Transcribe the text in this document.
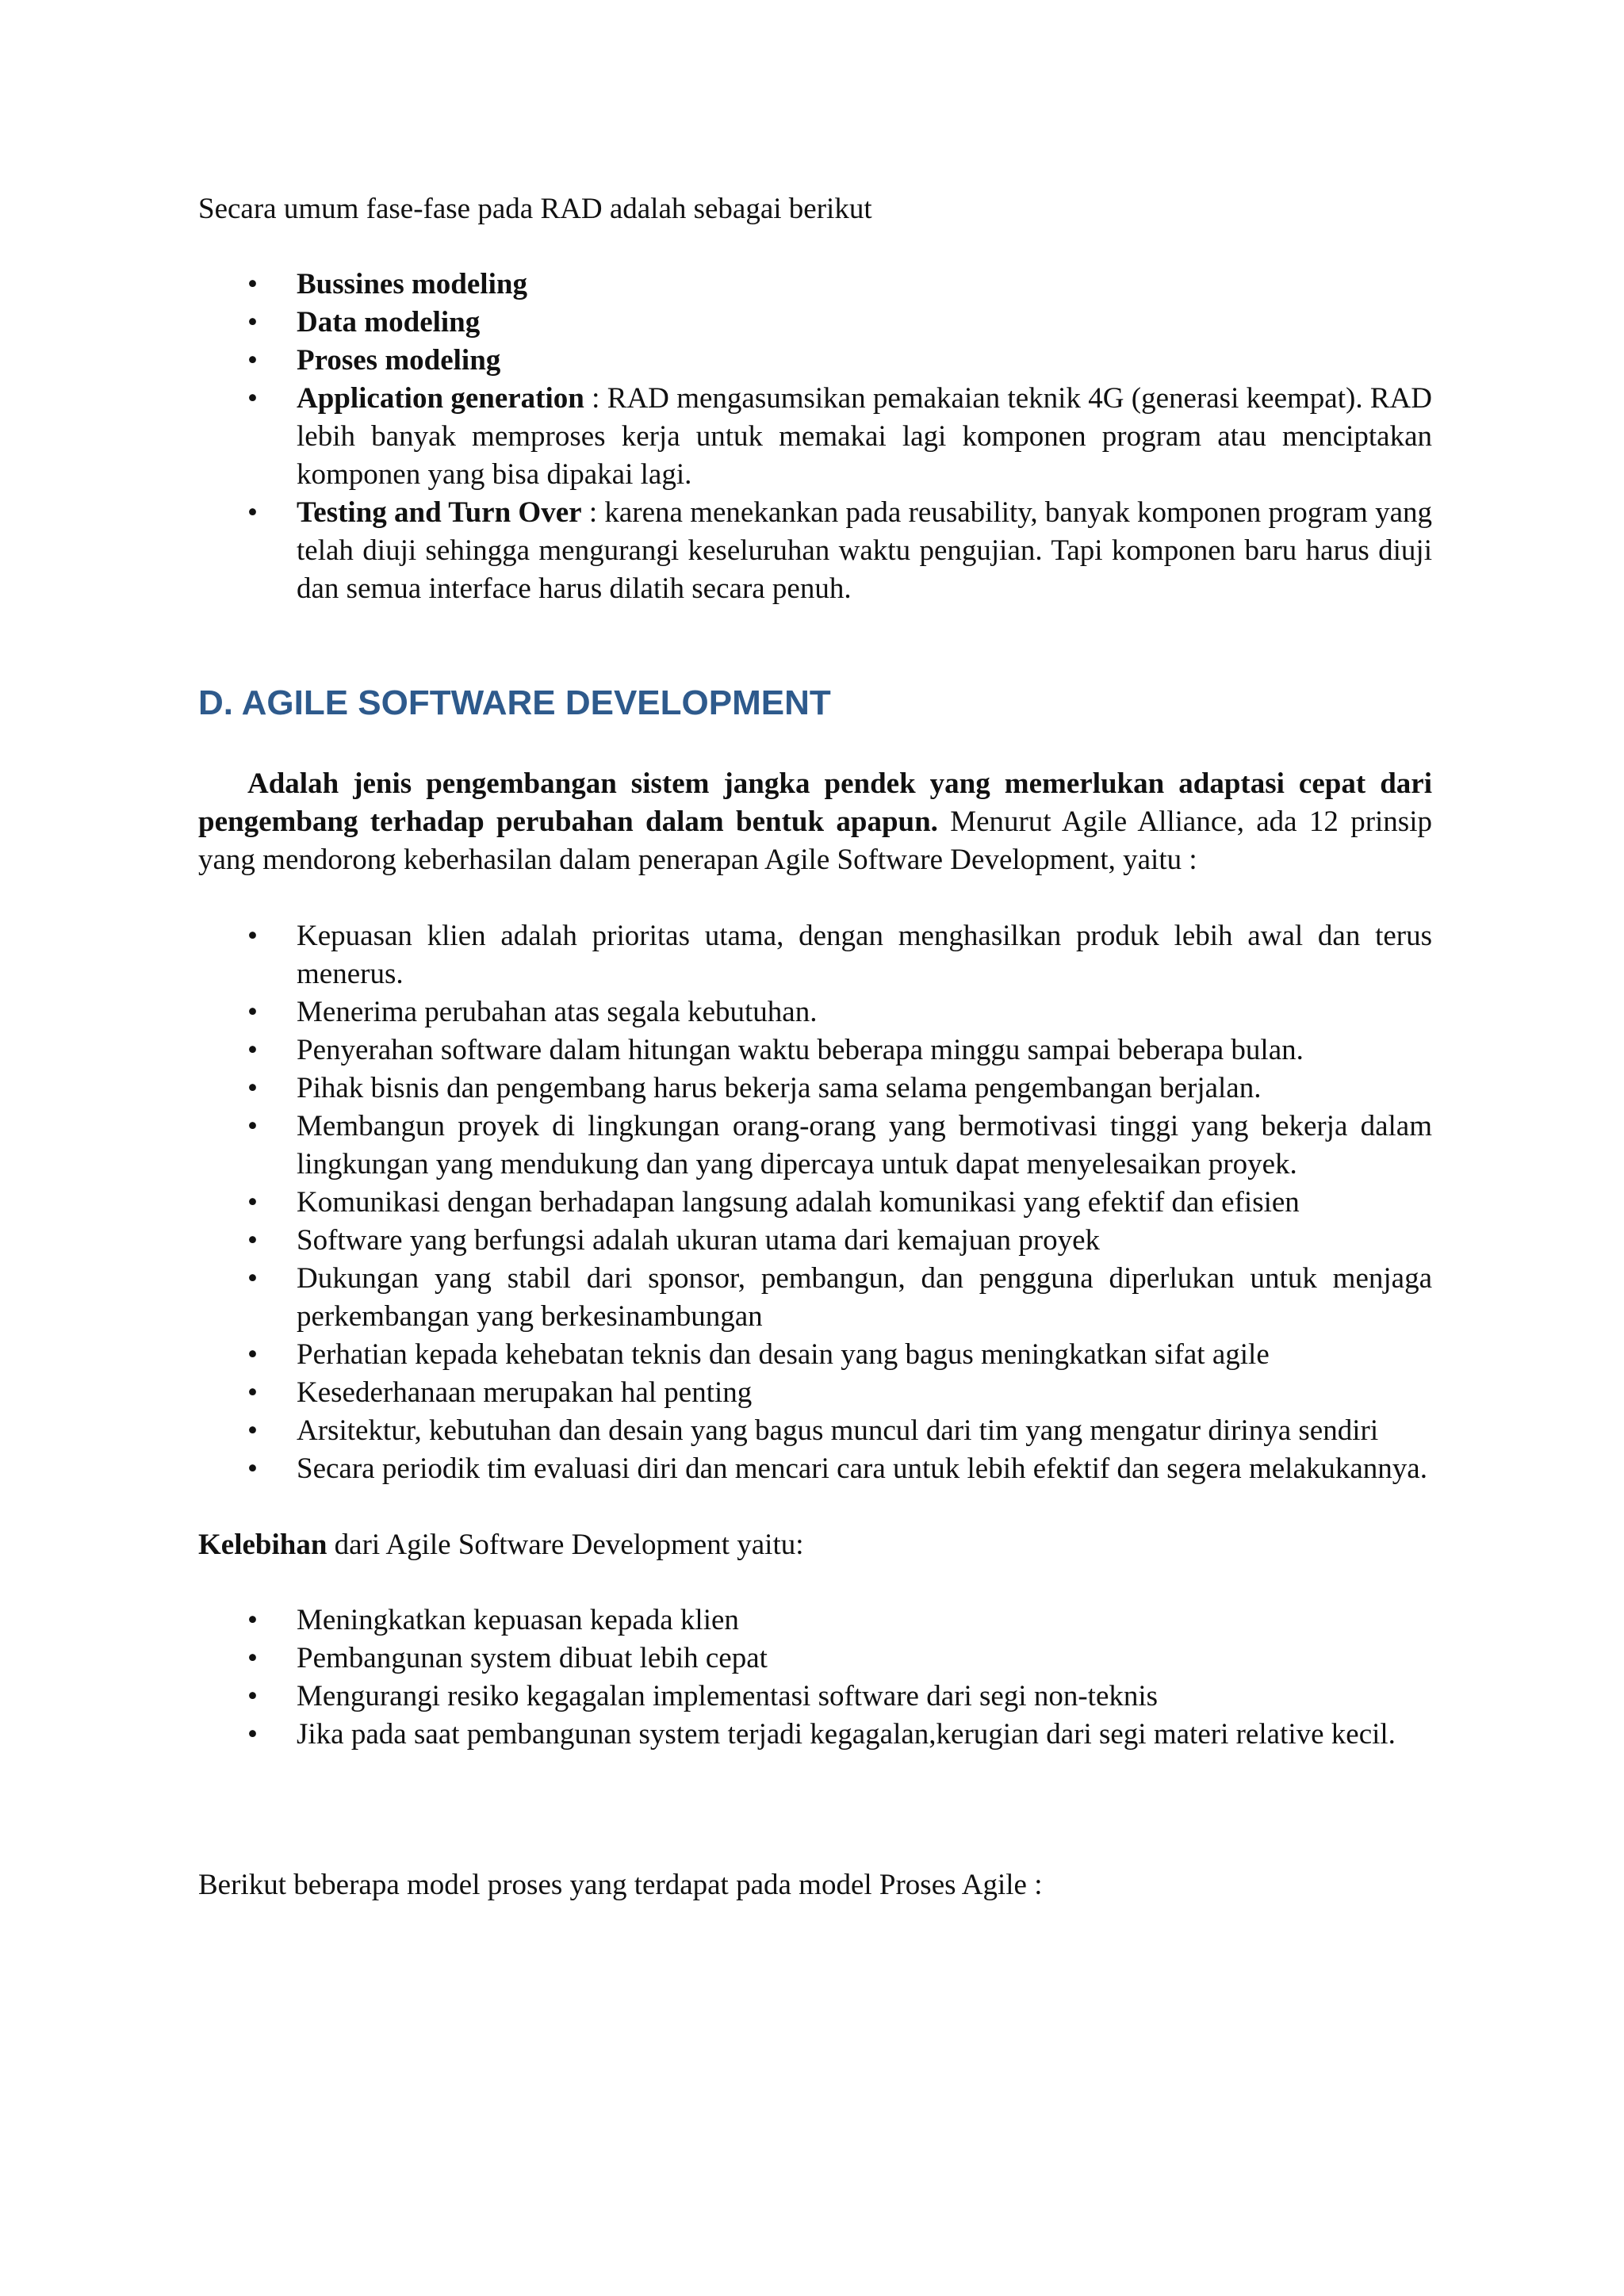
Secara umum fase-fase pada RAD adalah sebagai berikut

• Bussines modeling
• Data modeling
• Proses modeling
• Application generation : RAD mengasumsikan pemakaian teknik 4G (generasi keempat). RAD lebih banyak memproses kerja untuk memakai lagi komponen program atau menciptakan komponen yang bisa dipakai lagi.
• Testing and Turn Over : karena menekankan pada reusability, banyak komponen program yang telah diuji sehingga mengurangi keseluruhan waktu pengujian. Tapi komponen baru harus diuji dan semua interface harus dilatih secara penuh.
D. AGILE SOFTWARE DEVELOPMENT

Adalah jenis pengembangan sistem jangka pendek yang memerlukan adaptasi cepat dari pengembang terhadap perubahan dalam bentuk apapun. Menurut Agile Alliance, ada 12 prinsip yang mendorong keberhasilan dalam penerapan Agile Software Development, yaitu :

• Kepuasan klien adalah prioritas utama, dengan menghasilkan produk lebih awal dan terus menerus.
• Menerima perubahan atas segala kebutuhan.
• Penyerahan software dalam hitungan waktu beberapa minggu sampai beberapa bulan.
• Pihak bisnis dan pengembang harus bekerja sama selama pengembangan berjalan.
• Membangun proyek di lingkungan orang-orang yang bermotivasi tinggi yang bekerja dalam lingkungan yang mendukung dan yang dipercaya untuk dapat menyelesaikan proyek.
• Komunikasi dengan berhadapan langsung adalah komunikasi yang efektif dan efisien
• Software yang berfungsi adalah ukuran utama dari kemajuan proyek
• Dukungan yang stabil dari sponsor, pembangun, dan pengguna diperlukan untuk menjaga perkembangan yang berkesinambungan
• Perhatian kepada kehebatan teknis dan desain yang bagus meningkatkan sifat agile
• Kesederhanaan merupakan hal penting
• Arsitektur, kebutuhan dan desain yang bagus muncul dari tim yang mengatur dirinya sendiri
• Secara periodik tim evaluasi diri dan mencari cara untuk lebih efektif dan segera melakukannya.

Kelebihan dari Agile Software Development yaitu:

• Meningkatkan kepuasan kepada klien
• Pembangunan system dibuat lebih cepat
• Mengurangi resiko kegagalan implementasi software dari segi non-teknis
• Jika pada saat pembangunan system terjadi kegagalan,kerugian dari segi materi relative kecil.

Berikut beberapa model proses yang terdapat pada model Proses Agile :
